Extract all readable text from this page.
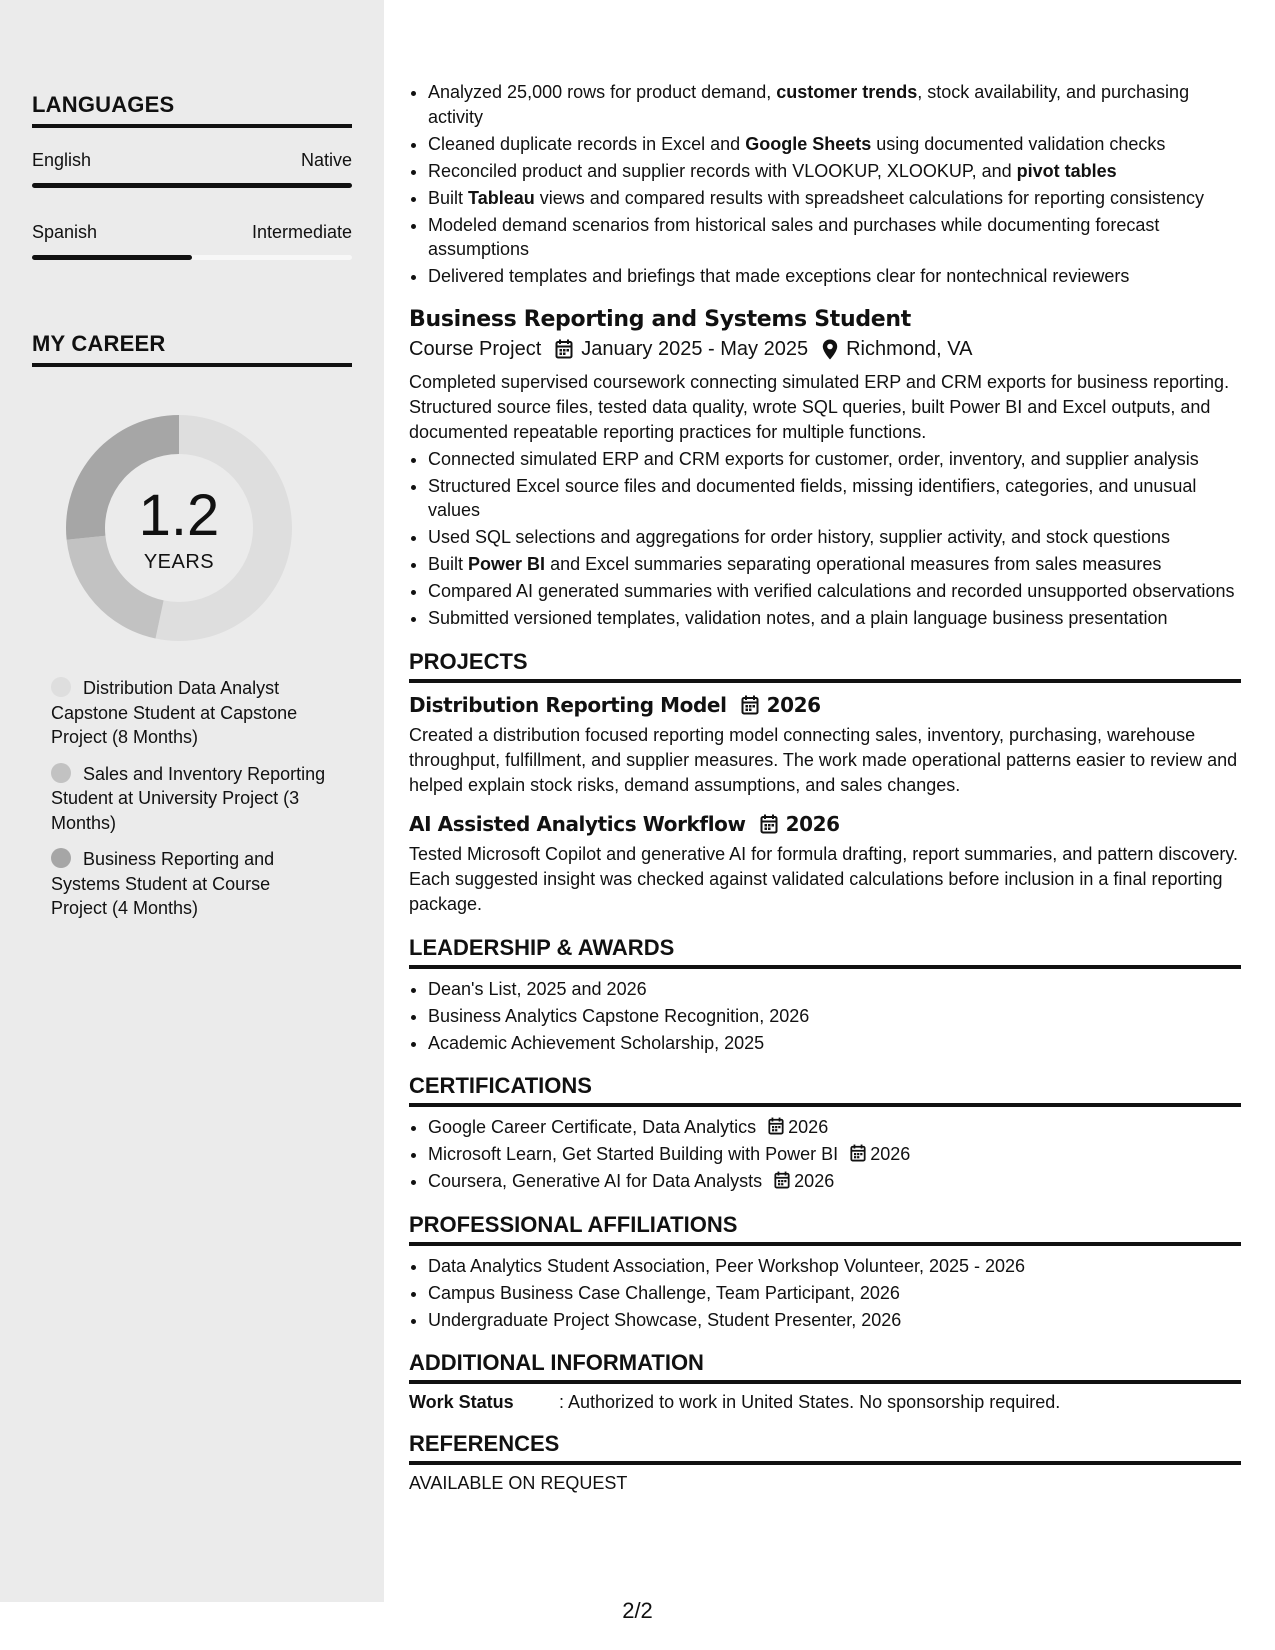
LANGUAGES
English	Native
Spanish	Intermediate
MY CAREER
1.2
YEARS
Distribution Data Analyst Capstone Student at Capstone Project (8 Months)
Sales and Inventory Reporting Student at University Project (3 Months)
Business Reporting and Systems Student at Course Project (4 Months)
• Analyzed 25,000 rows for product demand, customer trends, stock availability, and purchasing activity
• Cleaned duplicate records in Excel and Google Sheets using documented validation checks
• Reconciled product and supplier records with VLOOKUP, XLOOKUP, and pivot tables
• Built Tableau views and compared results with spreadsheet calculations for reporting consistency
• Modeled demand scenarios from historical sales and purchases while documenting forecast assumptions
• Delivered templates and briefings that made exceptions clear for nontechnical reviewers
Business Reporting and Systems Student
Course Project January 2025 - May 2025 Richmond, VA
Completed supervised coursework connecting simulated ERP and CRM exports for business reporting. Structured source files, tested data quality, wrote SQL queries, built Power BI and Excel outputs, and documented repeatable reporting practices for multiple functions.
• Connected simulated ERP and CRM exports for customer, order, inventory, and supplier analysis
• Structured Excel source files and documented fields, missing identifiers, categories, and unusual values
• Used SQL selections and aggregations for order history, supplier activity, and stock questions
• Built Power BI and Excel summaries separating operational measures from sales measures
• Compared AI generated summaries with verified calculations and recorded unsupported observations
• Submitted versioned templates, validation notes, and a plain language business presentation
PROJECTS
Distribution Reporting Model 2026
Created a distribution focused reporting model connecting sales, inventory, purchasing, warehouse throughput, fulfillment, and supplier measures. The work made operational patterns easier to review and helped explain stock risks, demand assumptions, and sales changes.
AI Assisted Analytics Workflow 2026
Tested Microsoft Copilot and generative AI for formula drafting, report summaries, and pattern discovery. Each suggested insight was checked against validated calculations before inclusion in a final reporting package.
LEADERSHIP & AWARDS
• Dean's List, 2025 and 2026
• Business Analytics Capstone Recognition, 2026
• Academic Achievement Scholarship, 2025
CERTIFICATIONS
• Google Career Certificate, Data Analytics 2026
• Microsoft Learn, Get Started Building with Power BI 2026
• Coursera, Generative AI for Data Analysts 2026
PROFESSIONAL AFFILIATIONS
• Data Analytics Student Association, Peer Workshop Volunteer, 2025 - 2026
• Campus Business Case Challenge, Team Participant, 2026
• Undergraduate Project Showcase, Student Presenter, 2026
ADDITIONAL INFORMATION
Work Status	: Authorized to work in United States. No sponsorship required.
REFERENCES
AVAILABLE ON REQUEST
2/2
